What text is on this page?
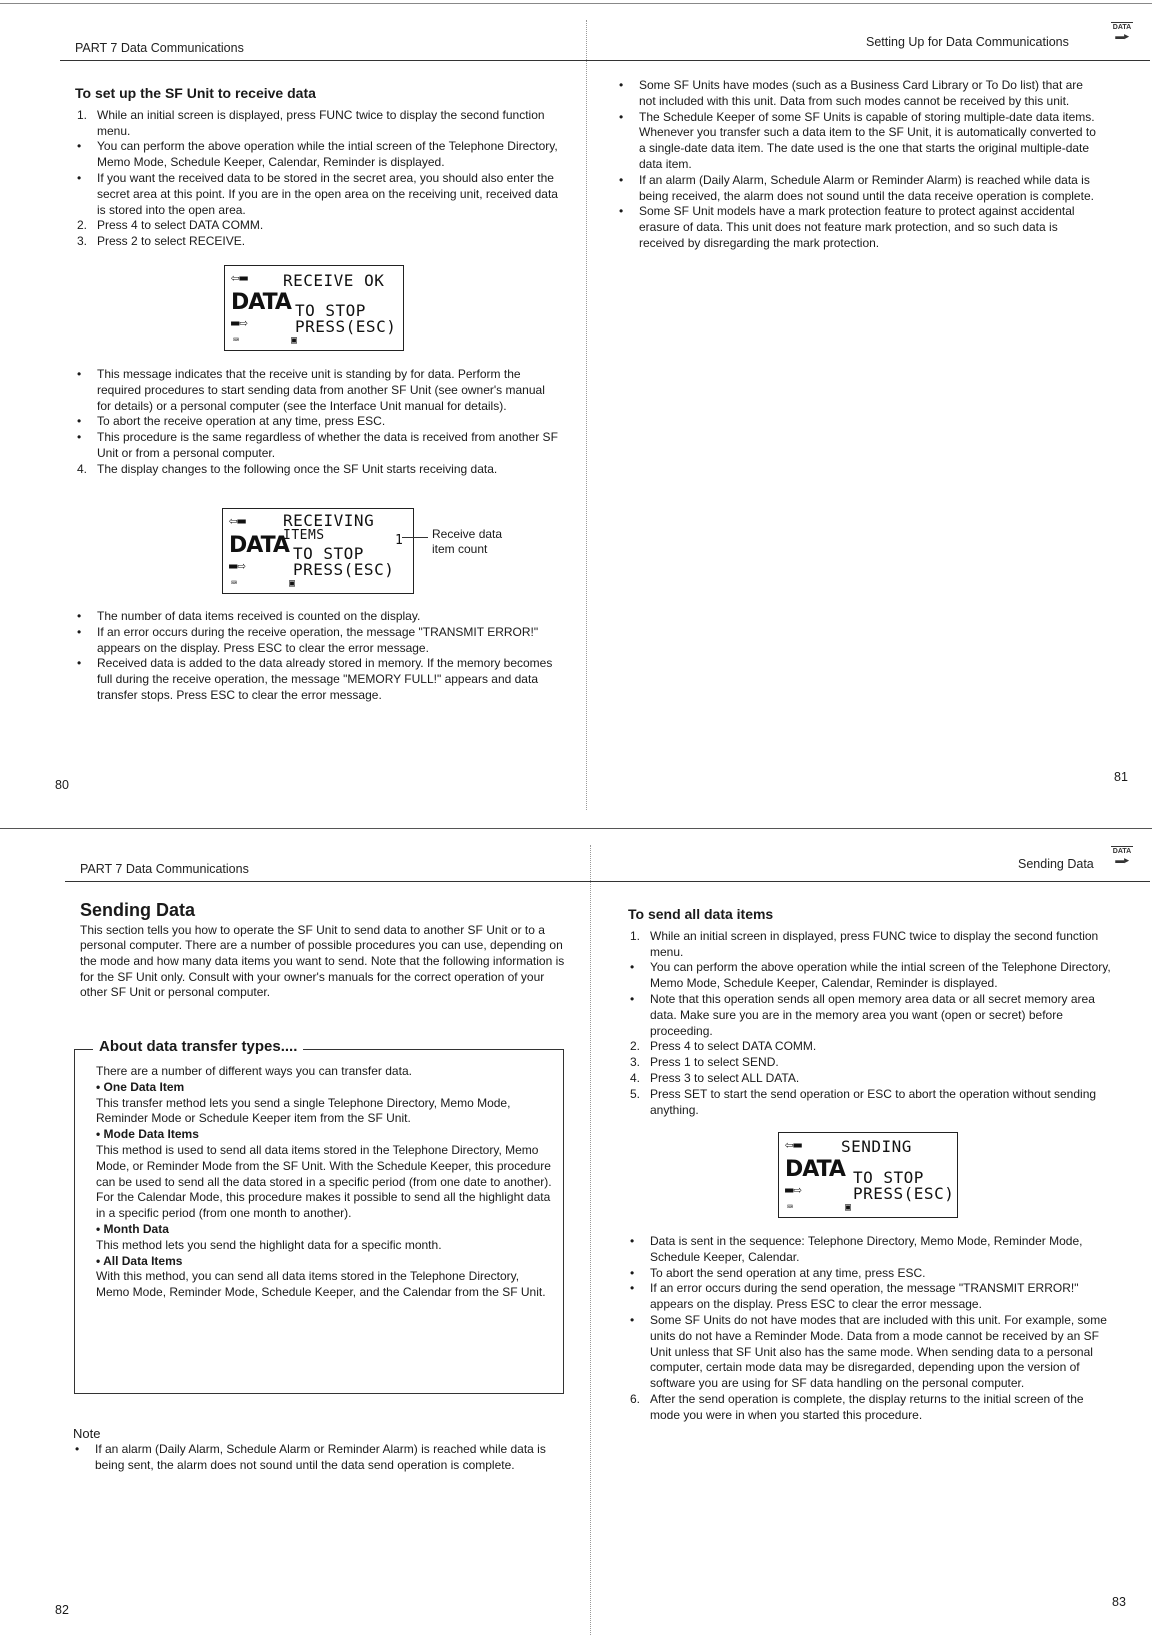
PART 7 Data Communications	Setting Up for Data Communications
DATA
▬▸
To set up the SF Unit to receive data
1. While an initial screen is displayed, press FUNC twice to display the second function menu.
•	You can perform the above operation while the intial screen of the Telephone Directory, Memo Mode, Schedule Keeper, Calendar, Reminder is displayed.
•	If you want the received data to be stored in the secret area, you should also enter the secret area at this point. If you are in the open area on the receiving unit, received data is stored into the open area.
2. Press 4 to select DATA COMM.
3. Press 2 to select RECEIVE.
⇦▬ RECEIVE OK
DATA TO STOP
▬⇨	PRESS(ESC)
⌨	▣
•	This message indicates that the receive unit is standing by for data. Perform the required procedures to start sending data from another SF Unit (see owner's manual for details) or a personal computer (see the Interface Unit manual for details).
•	To abort the receive operation at any time, press ESC.
•	This procedure is the same regardless of whether the data is received from another SF Unit or from a personal computer.
4. The display changes to the following once the SF Unit starts receiving data.
⇦▬ RECEIVING
ITEMS	1
DATA TO STOP
▬⇨	PRESS(ESC)
⌨	▣
Receive data item count
•	The number of data items received is counted on the display.
•	If an error occurs during the receive operation, the message "TRANSMIT ERROR!" appears on the display. Press ESC to clear the error message.
•	Received data is added to the data already stored in memory. If the memory becomes full during the receive operation, the message "MEMORY FULL!" appears and data transfer stops. Press ESC to clear the error message.
80
•	Some SF Units have modes (such as a Business Card Library or To Do list) that are not included with this unit. Data from such modes cannot be received by this unit.
•	The Schedule Keeper of some SF Units is capable of storing multiple-date data items. Whenever you transfer such a data item to the SF Unit, it is automatically converted to a single-date data item. The date used is the one that starts the original multiple-date data item.
•	If an alarm (Daily Alarm, Schedule Alarm or Reminder Alarm) is reached while data is being received, the alarm does not sound until the data receive operation is complete.
•	Some SF Unit models have a mark protection feature to protect against accidental erasure of data. This unit does not feature mark protection, and so such data is received by disregarding the mark protection.
81
PART 7 Data Communications	Sending Data
DATA
▬▸
Sending Data

This section tells you how to operate the SF Unit to send data to another SF Unit or to a personal computer. There are a number of possible procedures you can use, depending on the mode and how many data items you want to send. Note that the following information is for the SF Unit only. Consult with your owner's manuals for the correct operation of your other SF Unit or personal computer.

About data transfer types....

There are a number of different ways you can transfer data.

• One Data Item

This transfer method lets you send a single Telephone Directory, Memo Mode, Reminder Mode or Schedule Keeper item from the SF Unit.

• Mode Data Items

This method is used to send all data items stored in the Telephone Directory, Memo Mode, or Reminder Mode from the SF Unit. With the Schedule Keeper, this procedure can be used to send all the data stored in a specific period (from one date to another). For the Calendar Mode, this procedure makes it possible to send all the highlight data in a specific period (from one month to another).

• Month Data

This method lets you send the highlight data for a specific month.

• All Data Items

With this method, you can send all data items stored in the Telephone Directory, Memo Mode, Reminder Mode, Schedule Keeper, and the Calendar from the SF Unit.

Note

•	If an alarm (Daily Alarm, Schedule Alarm or Reminder Alarm) is reached while data is being sent, the alarm does not sound until the data send operation is complete.
82
To send all data items
1. While an initial screen in displayed, press FUNC twice to display the second function menu.
•	You can perform the above operation while the intial screen of the Telephone Directory, Memo Mode, Schedule Keeper, Calendar, Reminder is displayed.
•	Note that this operation sends all open memory area data or all secret memory area data. Make sure you are in the memory area you want (open or secret) before proceeding.
2. Press 4 to select DATA COMM.
3. Press 1 to select SEND.
4. Press 3 to select ALL DATA.
5. Press SET to start the send operation or ESC to abort the operation without sending anything.
⇦▬ SENDING
DATA TO STOP
▬⇨	PRESS(ESC)
⌨	▣
•	Data is sent in the sequence: Telephone Directory, Memo Mode, Reminder Mode, Schedule Keeper, Calendar.
•	To abort the send operation at any time, press ESC.
•	If an error occurs during the send operation, the message "TRANSMIT ERROR!" appears on the display. Press ESC to clear the error message.
•	Some SF Units do not have modes that are included with this unit. For example, some units do not have a Reminder Mode. Data from a mode cannot be received by an SF Unit unless that SF Unit also has the same mode. When sending data to a personal computer, certain mode data may be disregarded, depending upon the version of software you are using for SF data handling on the personal computer.
6. After the send operation is complete, the display returns to the initial screen of the mode you were in when you started this procedure.
83
